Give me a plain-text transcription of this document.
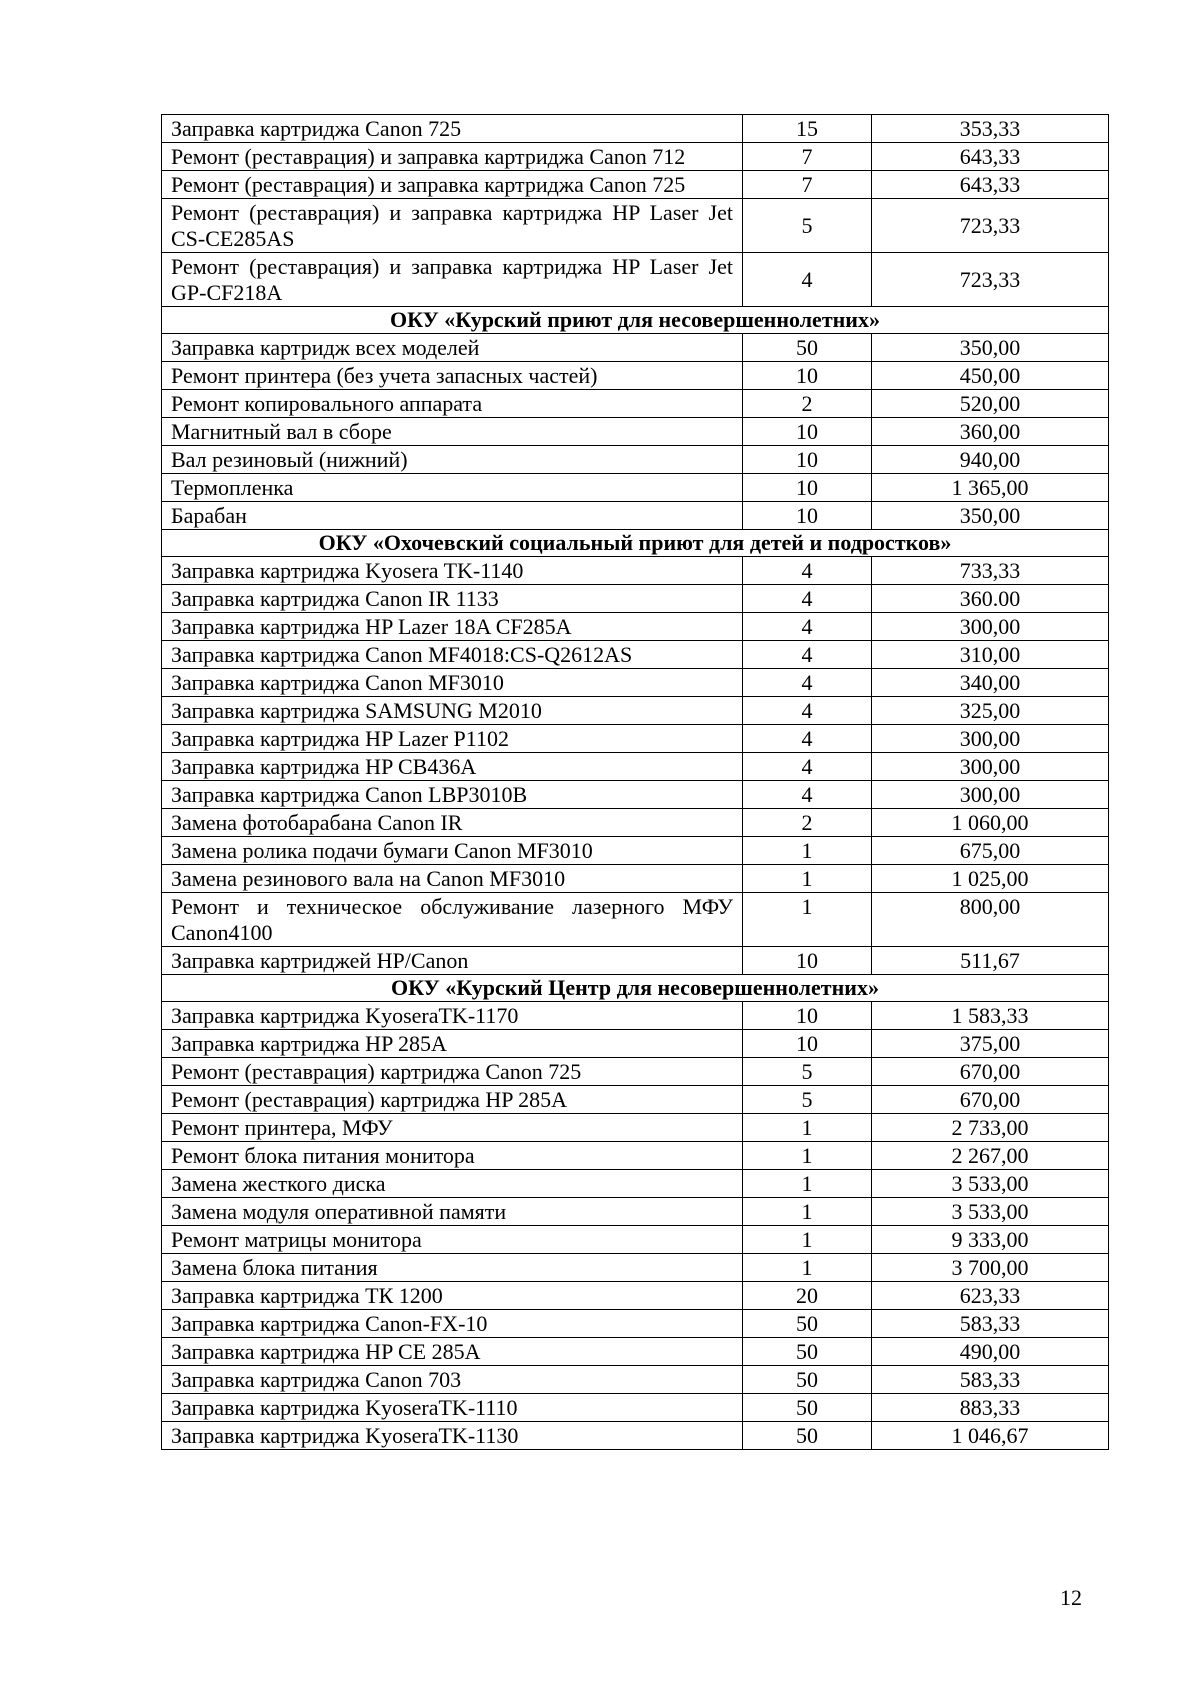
Заправка картриджа Canon 725	15	353,33
Ремонт (реставрация) и заправка картриджа Canon 712	7	643,33
Ремонт (реставрация) и заправка картриджа Canon 725	7	643,33
Ремонт (реставрация) и заправка картриджа HP Laser Jet CS-CE285AS	5	723,33
Ремонт (реставрация) и заправка картриджа HP Laser Jet GP-CF218A	4	723,33
ОКУ «Курский приют для несовершеннолетних»		
Заправка картридж всех моделей	50	350,00
Ремонт принтера (без учета запасных частей)	10	450,00
Ремонт копировального аппарата	2	520,00
Магнитный вал в сборе	10	360,00
Вал резиновый (нижний)	10	940,00
Термопленка	10	1 365,00
Барабан	10	350,00
ОКУ «Охочевский социальный приют для детей и подростков»		
Заправка картриджа Kyosera TK-1140	4	733,33
Заправка картриджа Canon IR 1133	4	360.00
Заправка картриджа HP Lazer 18A CF285A	4	300,00
Заправка картриджа Canon MF4018:CS-Q2612AS	4	310,00
Заправка картриджа Canon MF3010	4	340,00
Заправка картриджа SAMSUNG M2010	4	325,00
Заправка картриджа HP Lazer P1102	4	300,00
Заправка картриджа HP CB436A	4	300,00
Заправка картриджа Canon LBP3010B	4	300,00
Замена фотобарабана Canon IR	2	1 060,00
Замена ролика подачи бумаги Canon MF3010	1	675,00
Замена резинового вала на Canon MF3010	1	1 025,00
Ремонт и техническое обслуживание лазерного МФУ Canon4100	1	800,00
Заправка картриджей HP/Canon	10	511,67
ОКУ «Курский Центр для несовершеннолетних»		
Заправка картриджа KyoseraTK-1170	10	1 583,33
Заправка картриджа HP 285A	10	375,00
Ремонт (реставрация) картриджа Canon 725	5	670,00
Ремонт (реставрация) картриджа HP 285A	5	670,00
Ремонт принтера, МФУ	1	2 733,00
Ремонт блока питания монитора	1	2 267,00
Замена жесткого диска	1	3 533,00
Замена модуля оперативной памяти	1	3 533,00
Ремонт матрицы монитора	1	9 333,00
Замена блока питания	1	3 700,00
Заправка картриджа ТК 1200	20	623,33
Заправка картриджа Canon-FX-10	50	583,33
Заправка картриджа HP CE 285A	50	490,00
Заправка картриджа Canon 703	50	583,33
Заправка картриджа KyoseraTK-1110	50	883,33
Заправка картриджа KyoseraTK-1130	50	1 046,67
12
